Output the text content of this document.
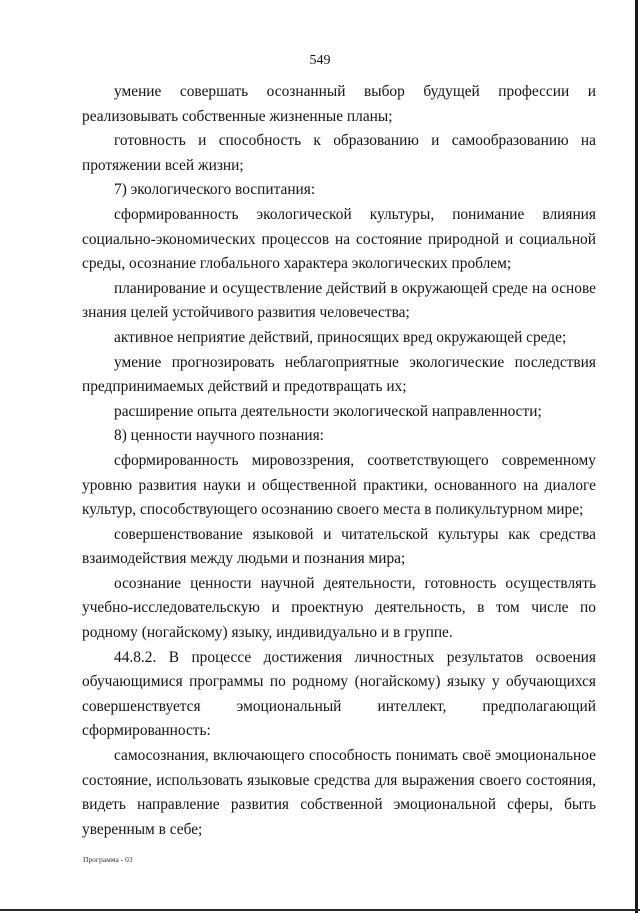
549

умение совершать осознанный выбор будущей профессии и реализовывать собственные жизненные планы;

готовность и способность к образованию и самообразованию на протяжении всей жизни;

7) экологического воспитания:

сформированность экологической культуры, понимание влияния социально-экономических процессов на состояние природной и социальной среды, осознание глобального характера экологических проблем;

планирование и осуществление действий в окружающей среде на основе знания целей устойчивого развития человечества;

активное неприятие действий, приносящих вред окружающей среде;

умение прогнозировать неблагоприятные экологические последствия предпринимаемых действий и предотвращать их;

расширение опыта деятельности экологической направленности;

8) ценности научного познания:

сформированность мировоззрения, соответствующего современному уровню развития науки и общественной практики, основанного на диалоге культур, способствующего осознанию своего места в поликультурном мире;

совершенствование языковой и читательской культуры как средства взаимодействия между людьми и познания мира;

осознание ценности научной деятельности, готовность осуществлять учебно-исследовательскую и проектную деятельность, в том числе по родному (ногайскому) языку, индивидуально и в группе.

44.8.2. В процессе достижения личностных результатов освоения обучающимися программы по родному (ногайскому) языку у обучающихся совершенствуется эмоциональный интеллект, предполагающий сформированность:

самосознания, включающего способность понимать своё эмоциональное состояние, использовать языковые средства для выражения своего состояния, видеть направление развития собственной эмоциональной сферы, быть уверенным в себе;

Программа - 03
